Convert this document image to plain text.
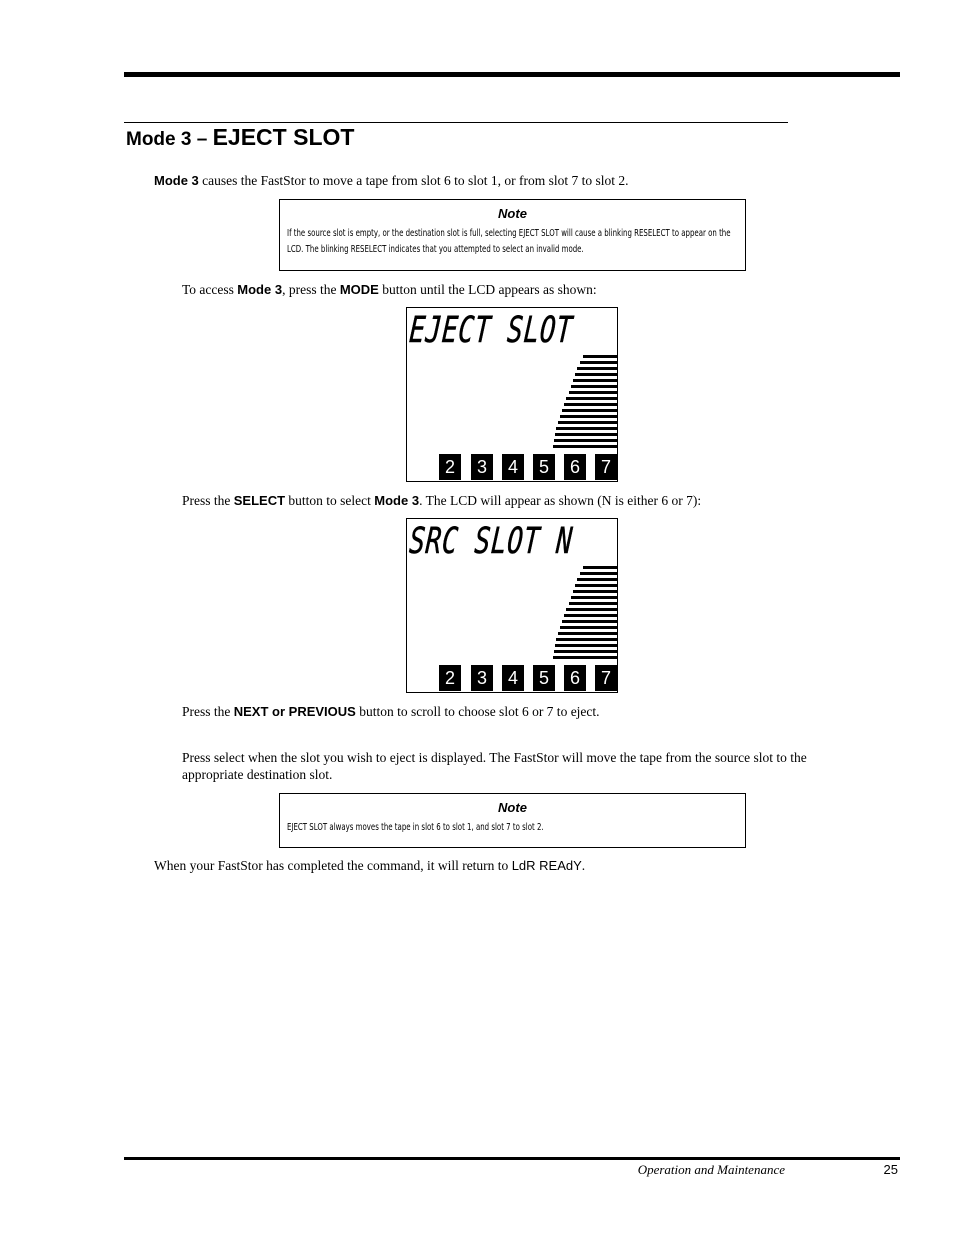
Mode 3 – EJECT SLOT
Mode 3 causes the FastStor to move a tape from slot 6 to slot 1, or from slot 7 to slot 2.
Note
If the source slot is empty, or the destination slot is full, selecting EJECT SLOT will cause a blinking RESELECT to appear on the
LCD. The blinking RESELECT indicates that you attempted to select an invalid mode.
To access Mode 3, press the MODE button until the LCD appears as shown:
EJECT SLOT
2	3	4	5	6	7
Press the SELECT button to select Mode 3. The LCD will appear as shown (N is either 6 or 7):
SRC SLOT N
2	3	4	5	6	7
Press the NEXT or PREVIOUS button to scroll to choose slot 6 or 7 to eject.
Press select when the slot you wish to eject is displayed. The FastStor will move the tape from the source slot to the
appropriate destination slot.
Note
EJECT SLOT always moves the tape in slot 6 to slot 1, and slot 7 to slot 2.
When your FastStor has completed the command, it will return to LdR REAdY.
Operation and Maintenance	25
